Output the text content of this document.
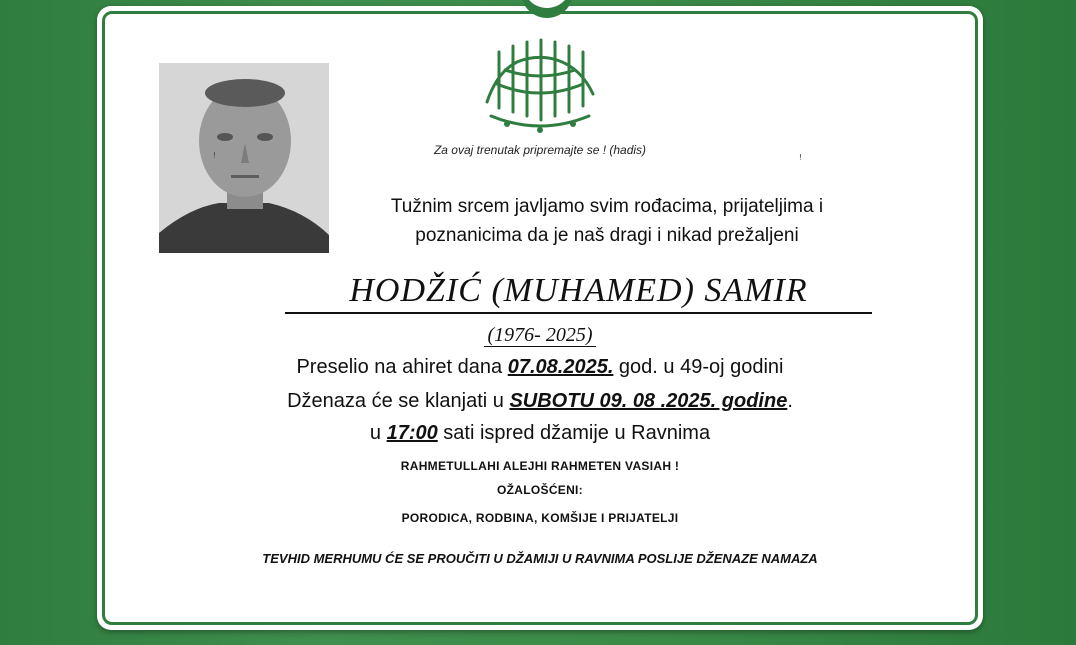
Za ovaj trenutak pripremajte se ! (hadis)
ꜝ	ꜝ
Tužnim srcem javljamo svim rođacima, prijateljima i
poznanicima da je naš dragi i nikad prežaljeni
HODŽIĆ (MUHAMED) SAMIR
(1976- 2025)
Preselio na ahiret dana 07.08.2025. god. u 49-oj godini
Dženaza će se klanjati u SUBOTU 09. 08 .2025. godine.
u 17:00 sati ispred džamije u Ravnima
RAHMETULLAHI ALEJHI RAHMETEN VASIAH !
OŽALOŠĆENI:
PORODICA, RODBINA, KOMŠIJE I PRIJATELJI
TEVHID MERHUMU ĆE SE PROUČITI U DŽAMIJI U RAVNIMA POSLIJE DŽENAZE NAMAZA
